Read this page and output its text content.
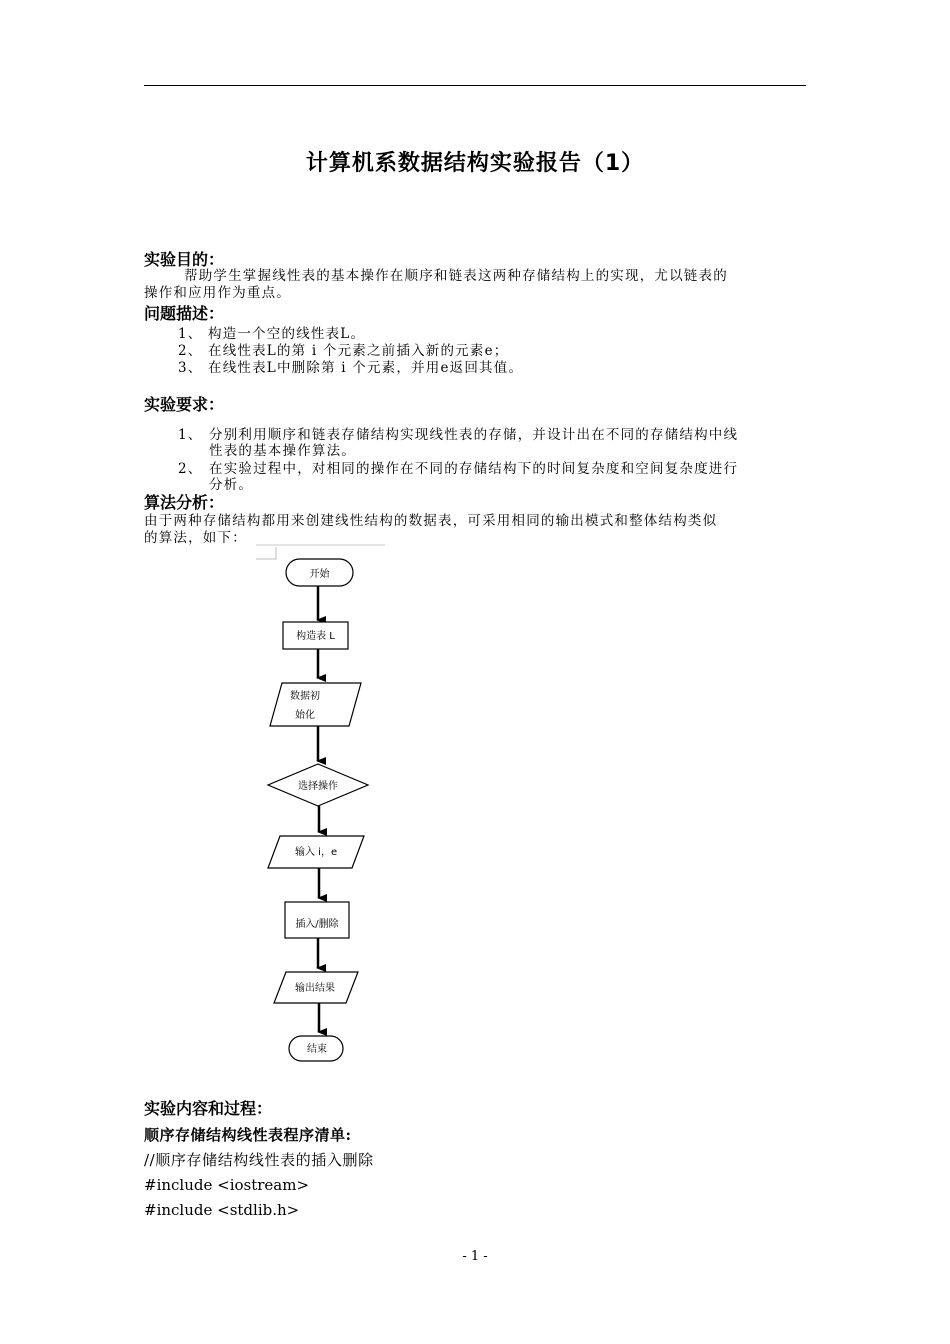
计算机系数据结构实验报告（1）
实验目的：
帮助学生掌握线性表的基本操作在顺序和链表这两种存储结构上的实现，尤以链表的
操作和应用作为重点。
问题描述：
1、 构造一个空的线性表L。
2、 在线性表L的第 i 个元素之前插入新的元素e；
3、 在线性表L中删除第 i 个元素，并用e返回其值。
实验要求：
1、 分别利用顺序和链表存储结构实现线性表的存储，并设计出在不同的存储结构中线
性表的基本操作算法。
2、 在实验过程中，对相同的操作在不同的存储结构下的时间复杂度和空间复杂度进行
分析。
算法分析：
由于两种存储结构都用来创建线性结构的数据表，可采用相同的输出模式和整体结构类似
的算法，如下：
开始
构造表 L
数据初
始化
选择操作
输入 i，e
插入/删除
输出结果
结束
实验内容和过程：
顺序存储结构线性表程序清单:
//顺序存储结构线性表的插入删除
#include <iostream>
#include <stdlib.h>
- 1 -
